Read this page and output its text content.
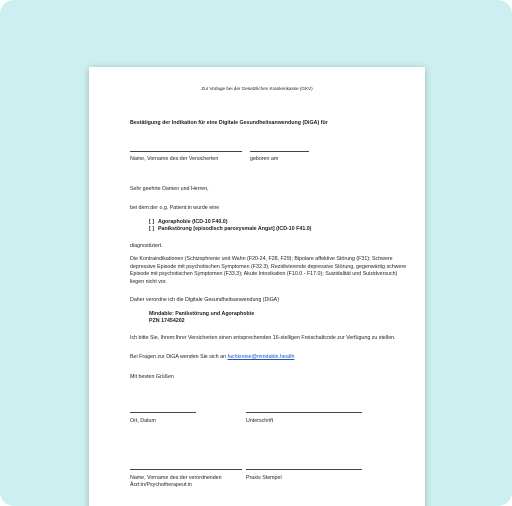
Zur Vorlage bei der Gesetzlichen Krankenkasse (GKV)
Bestätigung der Indikation für eine Digitale Gesundheitsanwendung (DiGA) für
Name, Vorname des:der Versicherten	geboren am
Sehr geehrte Damen und Herren,
bei dem:der o.g. Patient:in wurde eine
[ ] Agoraphobie (ICD-10 F40.0)
[ ] Panikstörung [episodisch paroxysmale Angst] (ICD-10 F41.0)
diagnostiziert.
Die Kontraindikationen (Schizophrenie und Wahn (F20-24, F28, F29); Bipolare affektive Störung (F31); Schwere depressive Episode mit psychotischen Symptomen (F32.3); Rezidivierende depressive Störung, gegenwärtig schwere Episode mit psychotischen Symptomen (F33.3); Akute Intoxikation (F10.0 - F17.0); Suizidalität und Suizidversuch) liegen nicht vor.
Daher verordne ich die Digitale Gesundheitsanwendung (DiGA)
Mindable: Panikstörung und Agoraphobie
PZN 17454202
Ich bitte Sie, Ihrem:Ihrer Versicherten einen entsprechenden 16-stelligen Freischaltcode zur Verfügung zu stellen.
Bei Fragen zur DiGA wenden Sie sich an fachkreise@mindable.health
Mit besten Grüßen
Ort, Datum	Unterschrift
Name, Vorname des:der verordnenden Ärzt:in/Psychotherapeut:in
Praxis Stempel
